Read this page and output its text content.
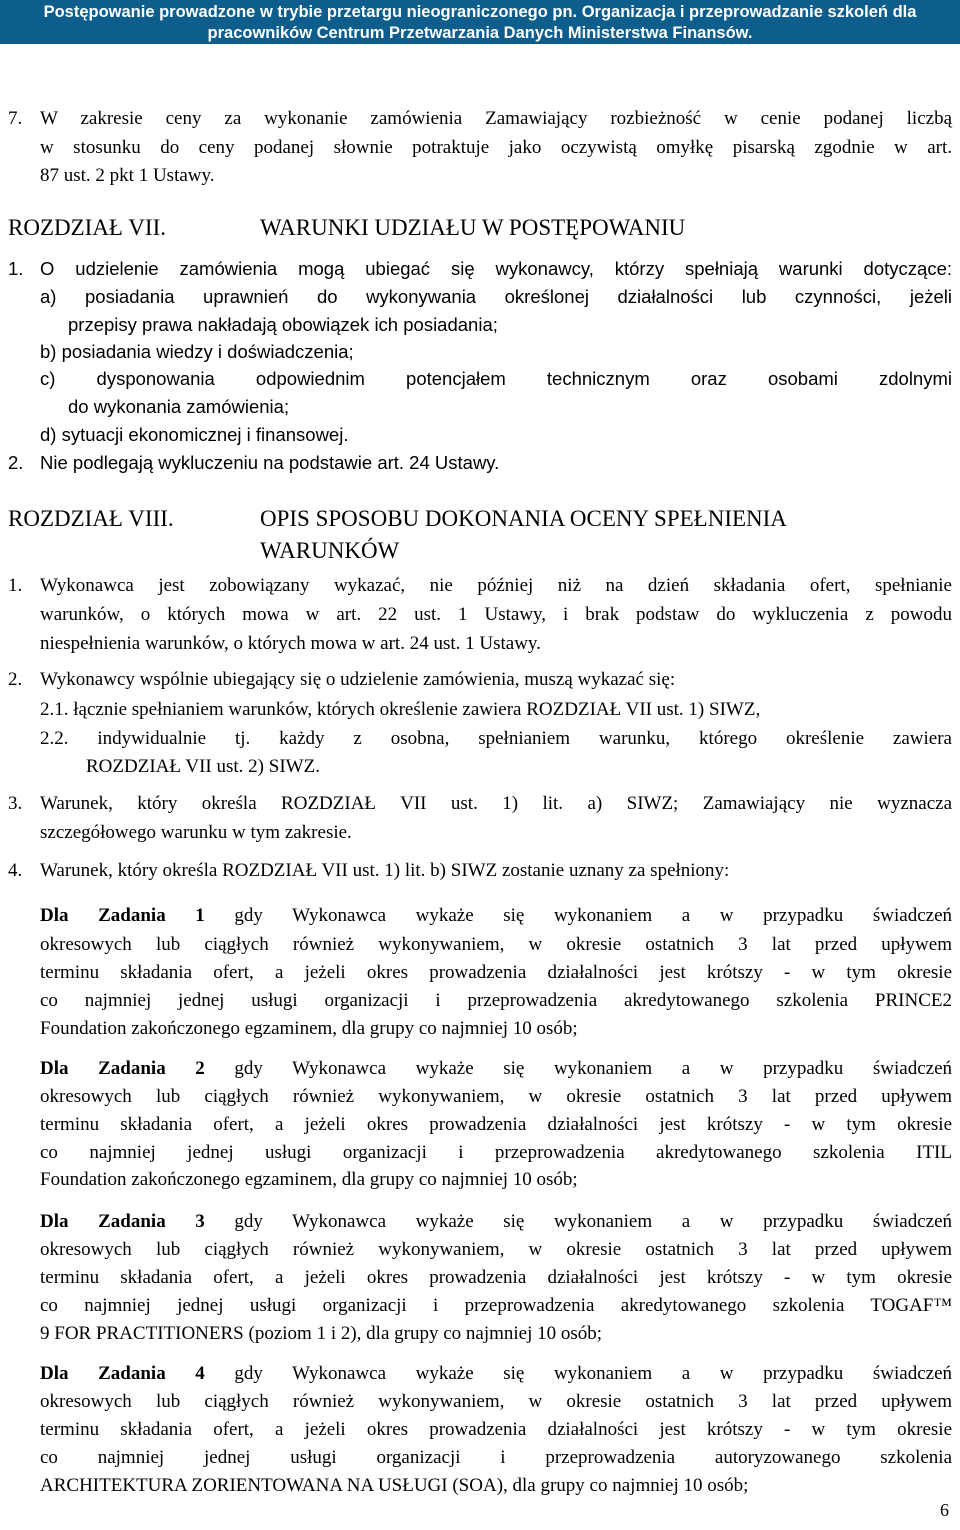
Postępowanie prowadzone w trybie przetargu nieograniczonego pn. Organizacja i przeprowadzanie szkoleń dla
pracowników Centrum Przetwarzania Danych Ministerstwa Finansów.
7. W zakresie ceny za wykonanie zamówienia Zamawiający rozbieżność w cenie podanej liczbą
w stosunku do ceny podanej słownie potraktuje jako oczywistą omyłkę pisarską zgodnie w art.
87 ust. 2 pkt 1 Ustawy.
ROZDZIAŁ VII.	WARUNKI UDZIAŁU W POSTĘPOWANIU
1. O udzielenie zamówienia mogą ubiegać się wykonawcy, którzy spełniają warunki dotyczące:
a) posiadania uprawnień do wykonywania określonej działalności lub czynności, jeżeli
przepisy prawa nakładają obowiązek ich posiadania;
b) posiadania wiedzy i doświadczenia;
c) dysponowania odpowiednim potencjałem technicznym oraz osobami zdolnymi
do wykonania zamówienia;
d) sytuacji ekonomicznej i finansowej.
2. Nie podlegają wykluczeniu na podstawie art. 24 Ustawy.
ROZDZIAŁ VIII.	OPIS SPOSOBU DOKONANIA OCENY SPEŁNIENIA
WARUNKÓW
1. Wykonawca jest zobowiązany wykazać, nie później niż na dzień składania ofert, spełnianie
warunków, o których mowa w art. 22 ust. 1 Ustawy, i brak podstaw do wykluczenia z powodu
niespełnienia warunków, o których mowa w art. 24 ust. 1 Ustawy.
2. Wykonawcy wspólnie ubiegający się o udzielenie zamówienia, muszą wykazać się:
2.1. łącznie spełnianiem warunków, których określenie zawiera ROZDZIAŁ VII ust. 1) SIWZ,
2.2. indywidualnie tj. każdy z osobna, spełnianiem warunku, którego określenie zawiera
ROZDZIAŁ VII ust. 2) SIWZ.
3. Warunek, który określa ROZDZIAŁ VII ust. 1) lit. a) SIWZ; Zamawiający nie wyznacza
szczegółowego warunku w tym zakresie.
4. Warunek, który określa ROZDZIAŁ VII ust. 1) lit. b) SIWZ zostanie uznany za spełniony:
Dla Zadania 1 gdy Wykonawca wykaże się wykonaniem a w przypadku świadczeń
okresowych lub ciągłych również wykonywaniem, w okresie ostatnich 3 lat przed upływem
terminu składania ofert, a jeżeli okres prowadzenia działalności jest krótszy - w tym okresie
co najmniej jednej usługi organizacji i przeprowadzenia akredytowanego szkolenia PRINCE2
Foundation zakończonego egzaminem, dla grupy co najmniej 10 osób;
Dla Zadania 2 gdy Wykonawca wykaże się wykonaniem a w przypadku świadczeń
okresowych lub ciągłych również wykonywaniem, w okresie ostatnich 3 lat przed upływem
terminu składania ofert, a jeżeli okres prowadzenia działalności jest krótszy - w tym okresie
co najmniej jednej usługi organizacji i przeprowadzenia akredytowanego szkolenia ITIL
Foundation zakończonego egzaminem, dla grupy co najmniej 10 osób;
Dla Zadania 3 gdy Wykonawca wykaże się wykonaniem a w przypadku świadczeń
okresowych lub ciągłych również wykonywaniem, w okresie ostatnich 3 lat przed upływem
terminu składania ofert, a jeżeli okres prowadzenia działalności jest krótszy - w tym okresie
co najmniej jednej usługi organizacji i przeprowadzenia akredytowanego szkolenia TOGAF™
9 FOR PRACTITIONERS (poziom 1 i 2), dla grupy co najmniej 10 osób;
Dla Zadania 4 gdy Wykonawca wykaże się wykonaniem a w przypadku świadczeń
okresowych lub ciągłych również wykonywaniem, w okresie ostatnich 3 lat przed upływem
terminu składania ofert, a jeżeli okres prowadzenia działalności jest krótszy - w tym okresie
co najmniej jednej usługi organizacji i przeprowadzenia autoryzowanego szkolenia
ARCHITEKTURA ZORIENTOWANA NA USŁUGI (SOA), dla grupy co najmniej 10 osób;
6
